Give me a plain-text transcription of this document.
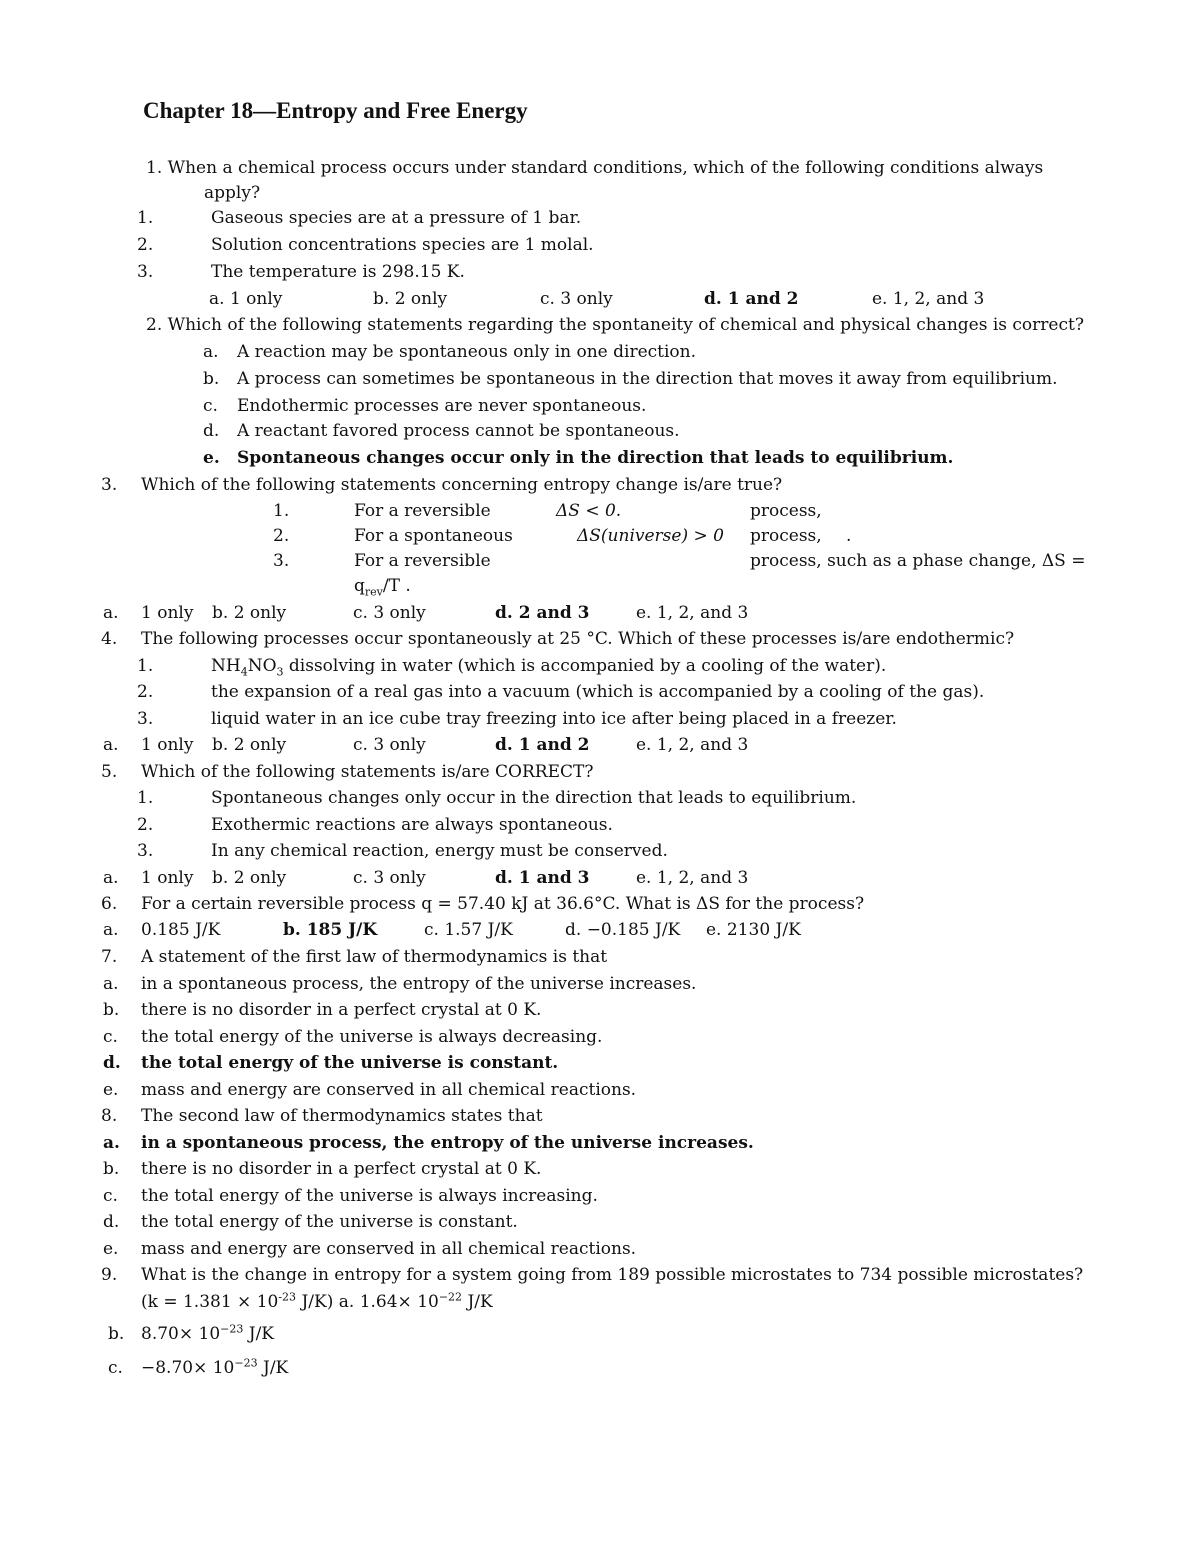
Chapter 18—Entropy and Free Energy
1. When a chemical process occurs under standard conditions, which of the following conditions always
apply?
1.	Gaseous species are at a pressure of 1 bar.
2.	Solution concentrations species are 1 molal.
3.	The temperature is 298.15 K.
a. 1 only	b. 2 only	c. 3 only	d. 1 and 2	e. 1, 2, and 3
2. Which of the following statements regarding the spontaneity of chemical and physical changes is correct?
a. A reaction may be spontaneous only in one direction.
b. A process can sometimes be spontaneous in the direction that moves it away from equilibrium.
c. Endothermic processes are never spontaneous.
d. A reactant favored process cannot be spontaneous.
e. Spontaneous changes occur only in the direction that leads to equilibrium.
3. Which of the following statements concerning entropy change is/are true?
1.	For a reversible	ΔS < 0.	process,
2.	For a spontaneous	ΔS(universe) > 0 process, .
3.	For a reversible	process, such as a phase change, ΔS =
$q_{rev}/T$ .
a. 1 only b. 2 only	c. 3 only	d. 2 and 3	e. 1, 2, and 3
4. The following processes occur spontaneously at 25 °C. Which of these processes is/are endothermic?
1.	$NH_4NO_3$ dissolving in water (which is accompanied by a cooling of the water).
2.	the expansion of a real gas into a vacuum (which is accompanied by a cooling of the gas).
3.	liquid water in an ice cube tray freezing into ice after being placed in a freezer.
a. 1 only b. 2 only	c. 3 only	d. 1 and 2	e. 1, 2, and 3
5. Which of the following statements is/are CORRECT?
1.	Spontaneous changes only occur in the direction that leads to equilibrium.
2.	Exothermic reactions are always spontaneous.
3.	In any chemical reaction, energy must be conserved.
a. 1 only b. 2 only	c. 3 only	d. 1 and 3	e. 1, 2, and 3
6. For a certain reversible process q = 57.40 kJ at 36.6°C. What is ΔS for the process?
a. 0.185 J/K	b. 185 J/K	c. 1.57 J/K	d. −0.185 J/K e. 2130 J/K
7. A statement of the first law of thermodynamics is that
a. in a spontaneous process, the entropy of the universe increases.
b. there is no disorder in a perfect crystal at 0 K.
c. the total energy of the universe is always decreasing.
d. the total energy of the universe is constant.
e. mass and energy are conserved in all chemical reactions.
8. The second law of thermodynamics states that
a. in a spontaneous process, the entropy of the universe increases.
b. there is no disorder in a perfect crystal at 0 K.
c. the total energy of the universe is always increasing.
d. the total energy of the universe is constant.
e. mass and energy are conserved in all chemical reactions.
9. What is the change in entropy for a system going from 189 possible microstates to 734 possible microstates?
($k = 1.381 \times 10^{-23}$ J/K) a. $1.64\times 10^{-22}$ J/K
b. $8.70\times 10^{-23}$ J/K
c. $-8.70\times 10^{-23}$ J/K
